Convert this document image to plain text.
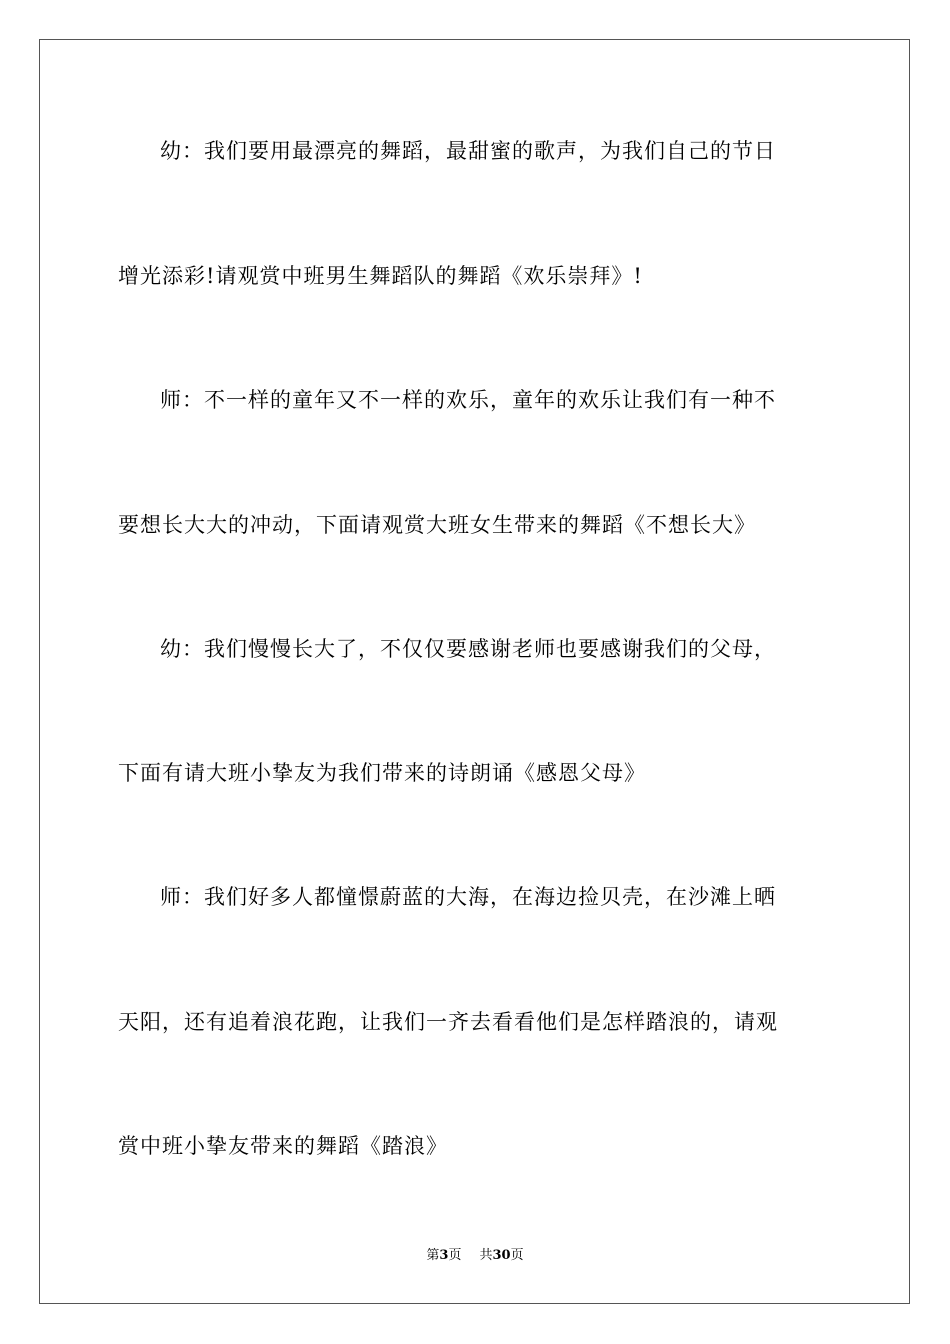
幼：我们要用最漂亮的舞蹈，最甜蜜的歌声，为我们自己的节日
增光添彩!请观赏中班男生舞蹈队的舞蹈《欢乐崇拜》!
师：不一样的童年又不一样的欢乐，童年的欢乐让我们有一种不
要想长大大的冲动，下面请观赏大班女生带来的舞蹈《不想长大》
幼：我们慢慢长大了，不仅仅要感谢老师也要感谢我们的父母，
下面有请大班小挚友为我们带来的诗朗诵《感恩父母》
师：我们好多人都憧憬蔚蓝的大海，在海边捡贝壳，在沙滩上晒
天阳，还有追着浪花跑，让我们一齐去看看他们是怎样踏浪的，请观
赏中班小挚友带来的舞蹈《踏浪》
第3页 共30页
